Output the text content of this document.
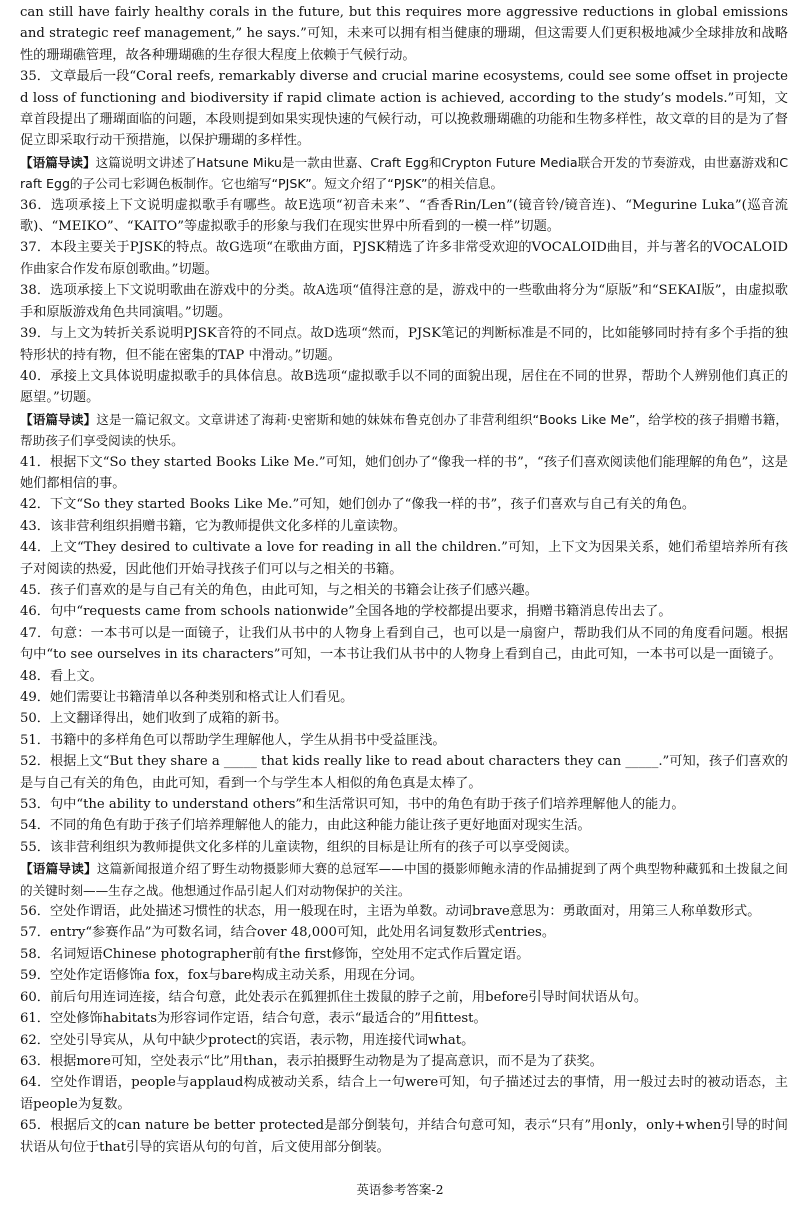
can still have fairly healthy corals in the future, but this requires more aggressive reductions in global emissions and strategic reef management,” he says.”可知，未来可以拥有相当健康的珊瑚，但这需要人们更积极地减少全球排放和战略性的珊瑚礁管理，故各种珊瑚礁的生存很大程度上依赖于气候行动。

35．文章最后一段“Coral reefs, remarkably diverse and crucial marine ecosystems, could see some offset in projected loss of functioning and biodiversity if rapid climate action is achieved, according to the study’s models.”可知，文章首段提出了珊瑚面临的问题，本段则提到如果实现快速的气候行动，可以挽救珊瑚礁的功能和生物多样性，故文章的目的是为了督促立即采取行动干预措施，以保护珊瑚的多样性。

【语篇导读】这篇说明文讲述了Hatsune Miku是一款由世嘉、Craft Egg和Crypton Future Media联合开发的节奏游戏，由世嘉游戏和Craft Egg的子公司七彩调色板制作。它也缩写“PJSK”。短文介绍了“PJSK”的相关信息。

36．选项承接上下文说明虚拟歌手有哪些。故E选项“初音未来”、“香香Rin/Len”(镜音铃/镜音连)、“Megurine Luka”(巡音流歌)、“MEIKO”、“KAITO”等虚拟歌手的形象与我们在现实世界中所看到的一模一样”切题。

37．本段主要关于PJSK的特点。故G选项“在歌曲方面，PJSK精选了许多非常受欢迎的VOCALOID曲目，并与著名的VOCALOID作曲家合作发布原创歌曲。”切题。

38．选项承接上下文说明歌曲在游戏中的分类。故A选项“值得注意的是，游戏中的一些歌曲将分为“原版”和“SEKAI版”，由虚拟歌手和原版游戏角色共同演唱。”切题。

39．与上文为转折关系说明PJSK音符的不同点。故D选项“然而，PJSK笔记的判断标准是不同的，比如能够同时持有多个手指的独特形状的持有物，但不能在密集的TAP 中滑动。”切题。

40．承接上文具体说明虚拟歌手的具体信息。故B选项“虚拟歌手以不同的面貌出现，居住在不同的世界，帮助个人辨别他们真正的愿望。”切题。

【语篇导读】这是一篇记叙文。文章讲述了海莉·史密斯和她的妹妹布鲁克创办了非营利组织“Books Like Me”，给学校的孩子捐赠书籍，帮助孩子们享受阅读的快乐。

41．根据下文“So they started Books Like Me.”可知，她们创办了“像我一样的书”，“孩子们喜欢阅读他们能理解的角色”，这是她们都相信的事。

42．下文“So they started Books Like Me.”可知，她们创办了“像我一样的书”，孩子们喜欢与自己有关的角色。

43．该非营利组织捐赠书籍，它为教师提供文化多样的儿童读物。

44．上文“They desired to cultivate a love for reading in all the children.”可知，上下文为因果关系，她们希望培养所有孩子对阅读的热爱，因此他们开始寻找孩子们可以与之相关的书籍。

45．孩子们喜欢的是与自己有关的角色，由此可知，与之相关的书籍会让孩子们感兴趣。

46．句中“requests came from schools nationwide”全国各地的学校都提出要求，捐赠书籍消息传出去了。

47．句意：一本书可以是一面镜子，让我们从书中的人物身上看到自己，也可以是一扇窗户，帮助我们从不同的角度看问题。根据句中“to see ourselves in its characters”可知，一本书让我们从书中的人物身上看到自己，由此可知，一本书可以是一面镜子。

48．看上文。

49．她们需要让书籍清单以各种类别和格式让人们看见。

50．上文翻译得出，她们收到了成箱的新书。

51．书籍中的多样角色可以帮助学生理解他人，学生从捐书中受益匪浅。

52．根据上文“But they share a _____ that kids really like to read about characters they can _____.”可知，孩子们喜欢的是与自己有关的角色，由此可知，看到一个与学生本人相似的角色真是太棒了。

53．句中“the ability to understand others”和生活常识可知，书中的角色有助于孩子们培养理解他人的能力。

54．不同的角色有助于孩子们培养理解他人的能力，由此这种能力能让孩子更好地面对现实生活。

55．该非营利组织为教师提供文化多样的儿童读物，组织的目标是让所有的孩子可以享受阅读。

【语篇导读】这篇新闻报道介绍了野生动物摄影师大赛的总冠军——中国的摄影师鲍永清的作品捕捉到了两个典型物种藏狐和土拨鼠之间的关键时刻——生存之战。他想通过作品引起人们对动物保护的关注。

56．空处作谓语，此处描述习惯性的状态，用一般现在时，主语为单数。动词brave意思为：勇敢面对，用第三人称单数形式。

57．entry“参赛作品”为可数名词，结合over 48,000可知，此处用名词复数形式entries。

58．名词短语Chinese photographer前有the first修饰，空处用不定式作后置定语。

59．空处作定语修饰a fox，fox与bare构成主动关系，用现在分词。

60．前后句用连词连接，结合句意，此处表示在狐狸抓住土拨鼠的脖子之前，用before引导时间状语从句。

61．空处修饰habitats为形容词作定语，结合句意，表示“最适合的”用fittest。

62．空处引导宾从，从句中缺少protect的宾语，表示物，用连接代词what。

63．根据more可知，空处表示“比”用than，表示拍摄野生动物是为了提高意识，而不是为了获奖。

64．空处作谓语，people与applaud构成被动关系，结合上一句were可知，句子描述过去的事情，用一般过去时的被动语态，主语people为复数。

65．根据后文的can nature be better protected是部分倒装句，并结合句意可知，表示“只有”用only，only+when引导的时间状语从句位于that引导的宾语从句的句首，后文使用部分倒装。

英语参考答案-2
